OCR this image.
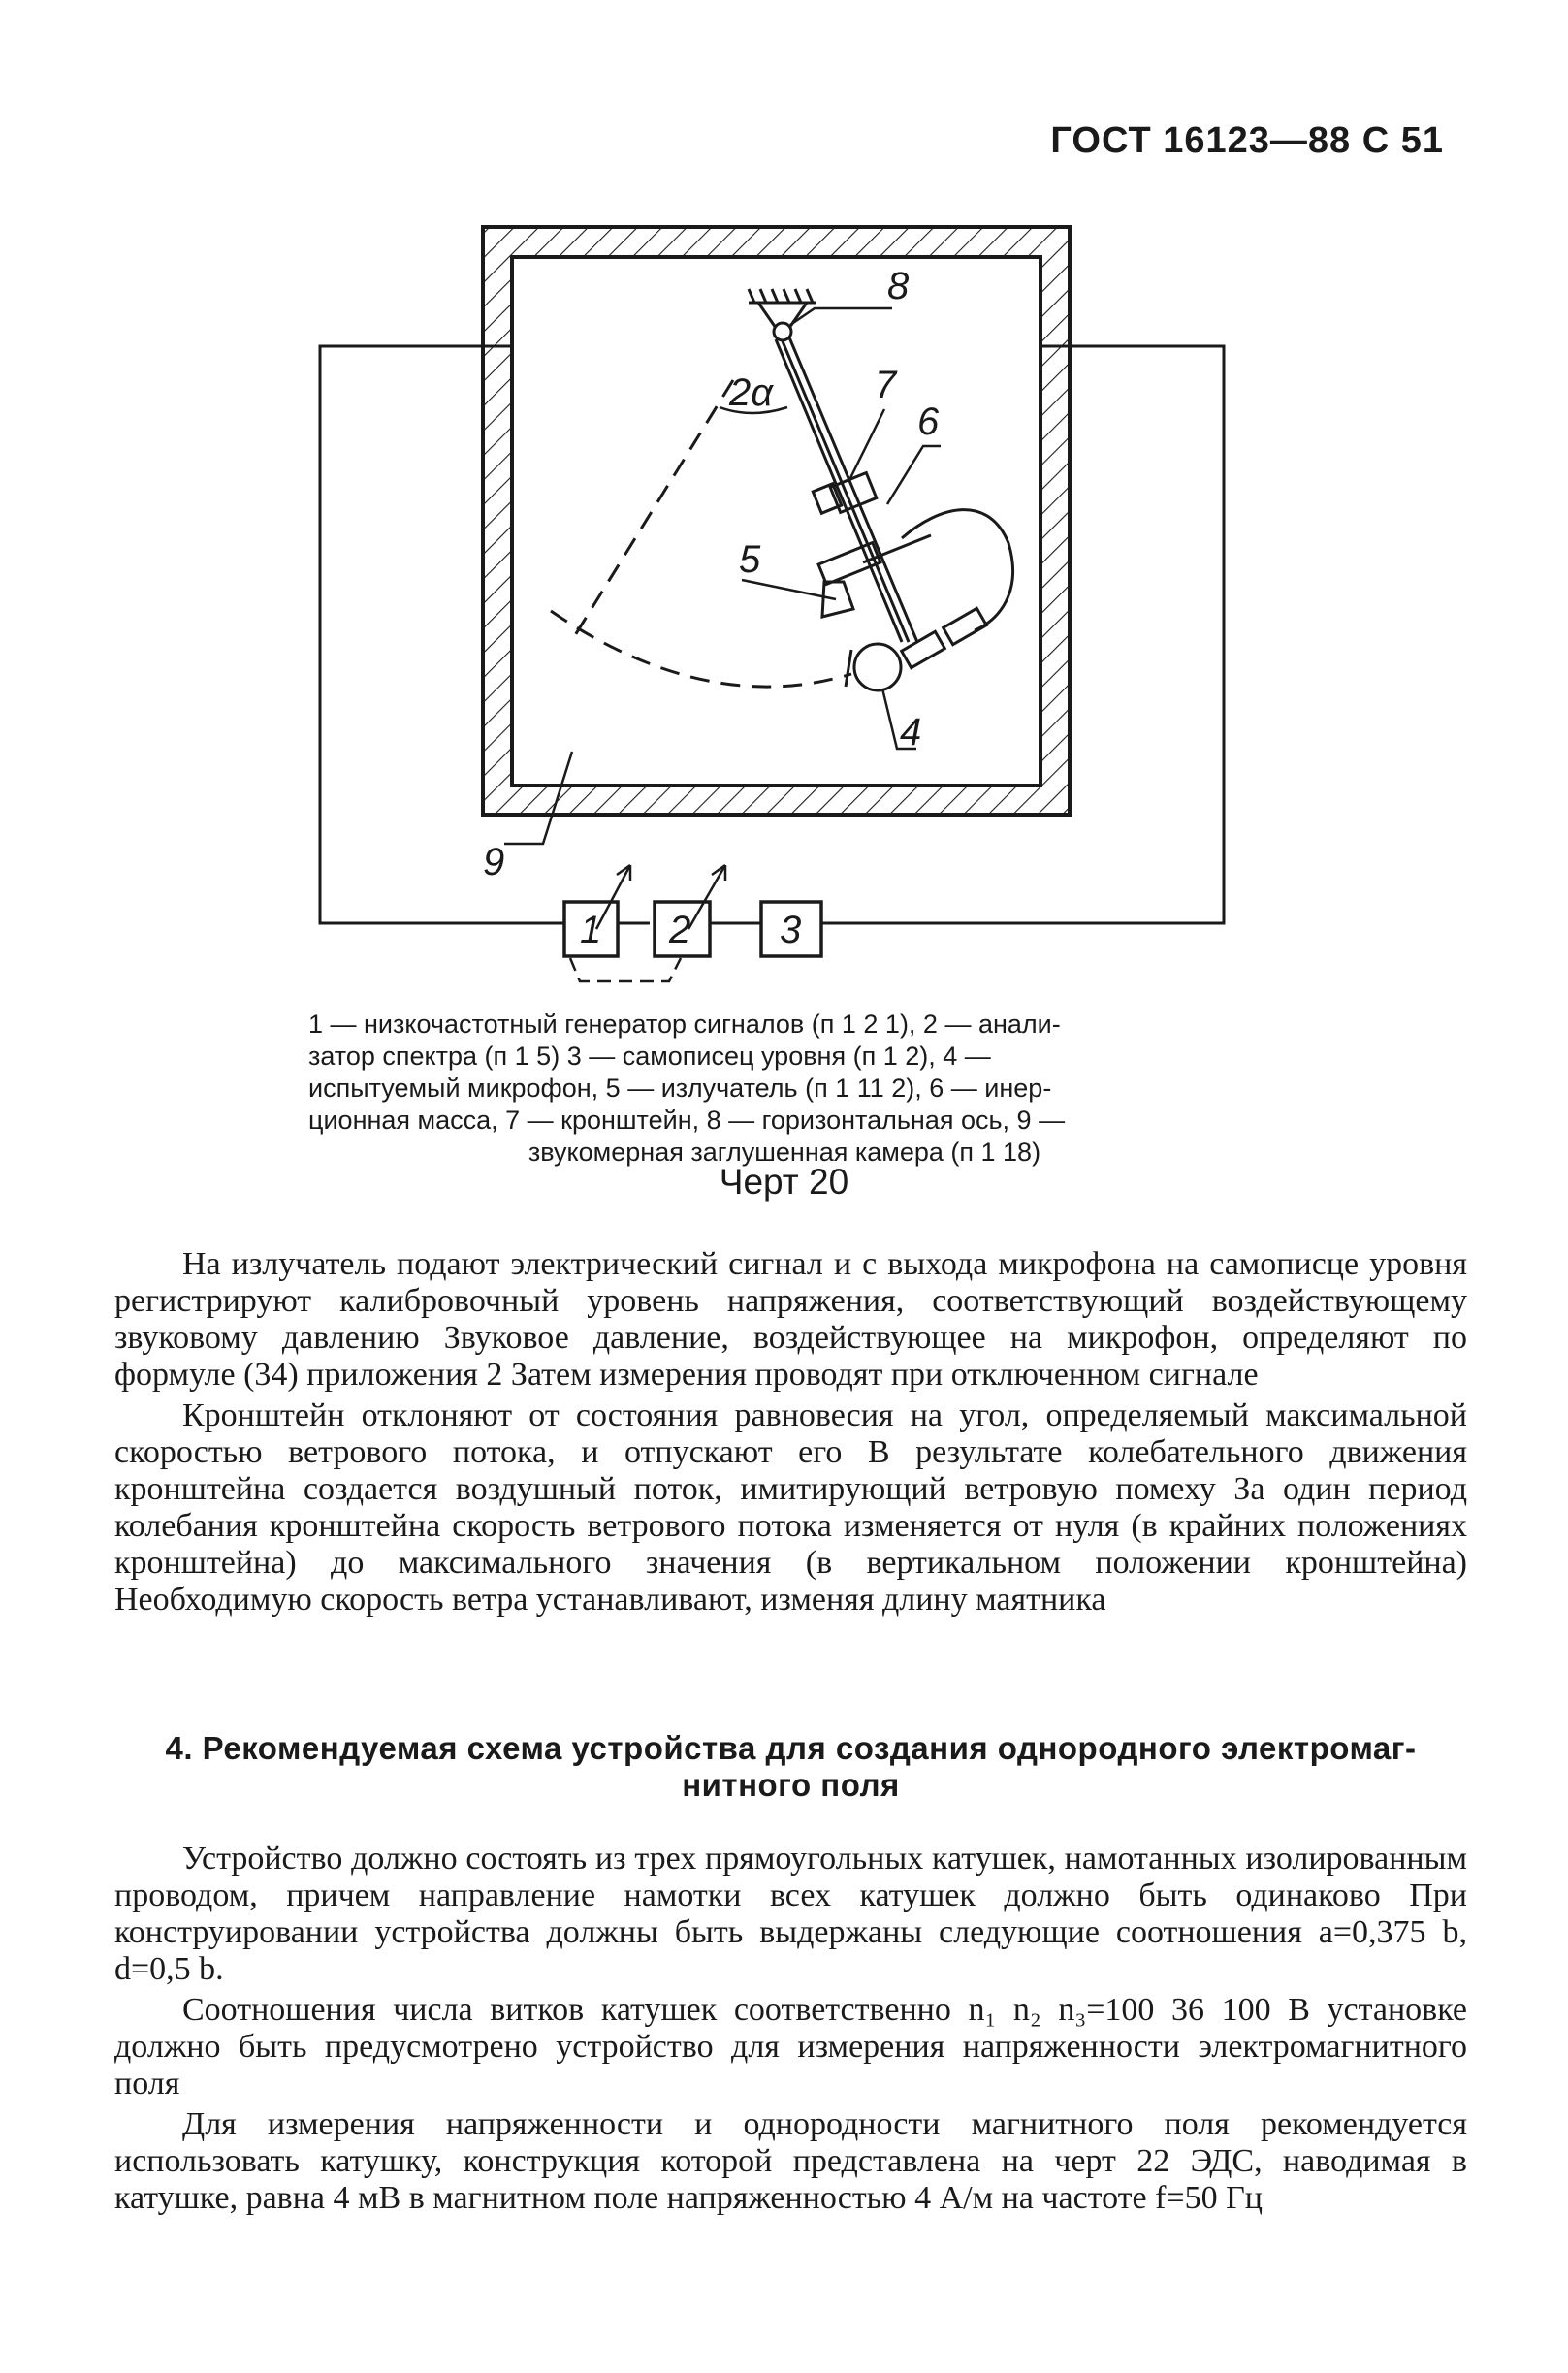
ГОСТ 16123—88 С 51
8
7
6
5
4
9
2α
1 2 3
1 — низкочастотный генератор сигналов (п 1 2 1), 2 — анали-
затор спектра (п 1 5) 3 — самописец уровня (п 1 2), 4 —
испытуемый микрофон, 5 — излучатель (п 1 11 2), 6 — инер-
ционная масса, 7 — кронштейн, 8 — горизонтальная ось, 9 —
звукомерная заглушенная камера (п 1 18)
Черт 20

На излучатель подают электрический сигнал и с выхода микрофона на самописце уровня регистрируют калибровочный уровень напряжения, соответствующий воздействующему звуковому давлению Звуковое давление, воздействующее на микрофон, определяют по формуле (34) приложения 2 Затем измерения проводят при отключенном сигнале

Кронштейн отклоняют от состояния равновесия на угол, определяемый максимальной скоростью ветрового потока, и отпускают его В результате колебательного движения кронштейна создается воздушный поток, имитирующий ветровую помеху За один период колебания кронштейна скорость ветрового потока изменяется от нуля (в крайних положениях кронштейна) до максимального значения (в вертикальном положении кронштейна) Необходимую скорость ветра устанавливают, изменяя длину маятника

4. Рекомендуемая схема устройства для создания однородного электромаг-
нитного поля

Устройство должно состоять из трех прямоугольных катушек, намотанных изолированным проводом, причем направление намотки всех катушек должно быть одинаково При конструировании устройства должны быть выдержаны следующие соотношения a=0,375 b, d=0,5 b.

Соотношения числа витков катушек соответственно n₁ n₂ n₃=100 36 100 В установке должно быть предусмотрено устройство для измерения напряженности электромагнитного поля

Для измерения напряженности и однородности магнитного поля рекомендуется использовать катушку, конструкция которой представлена на черт 22 ЭДС, наводимая в катушке, равна 4 мВ в магнитном поле напряженностью 4 А/м на частоте f=50 Гц
